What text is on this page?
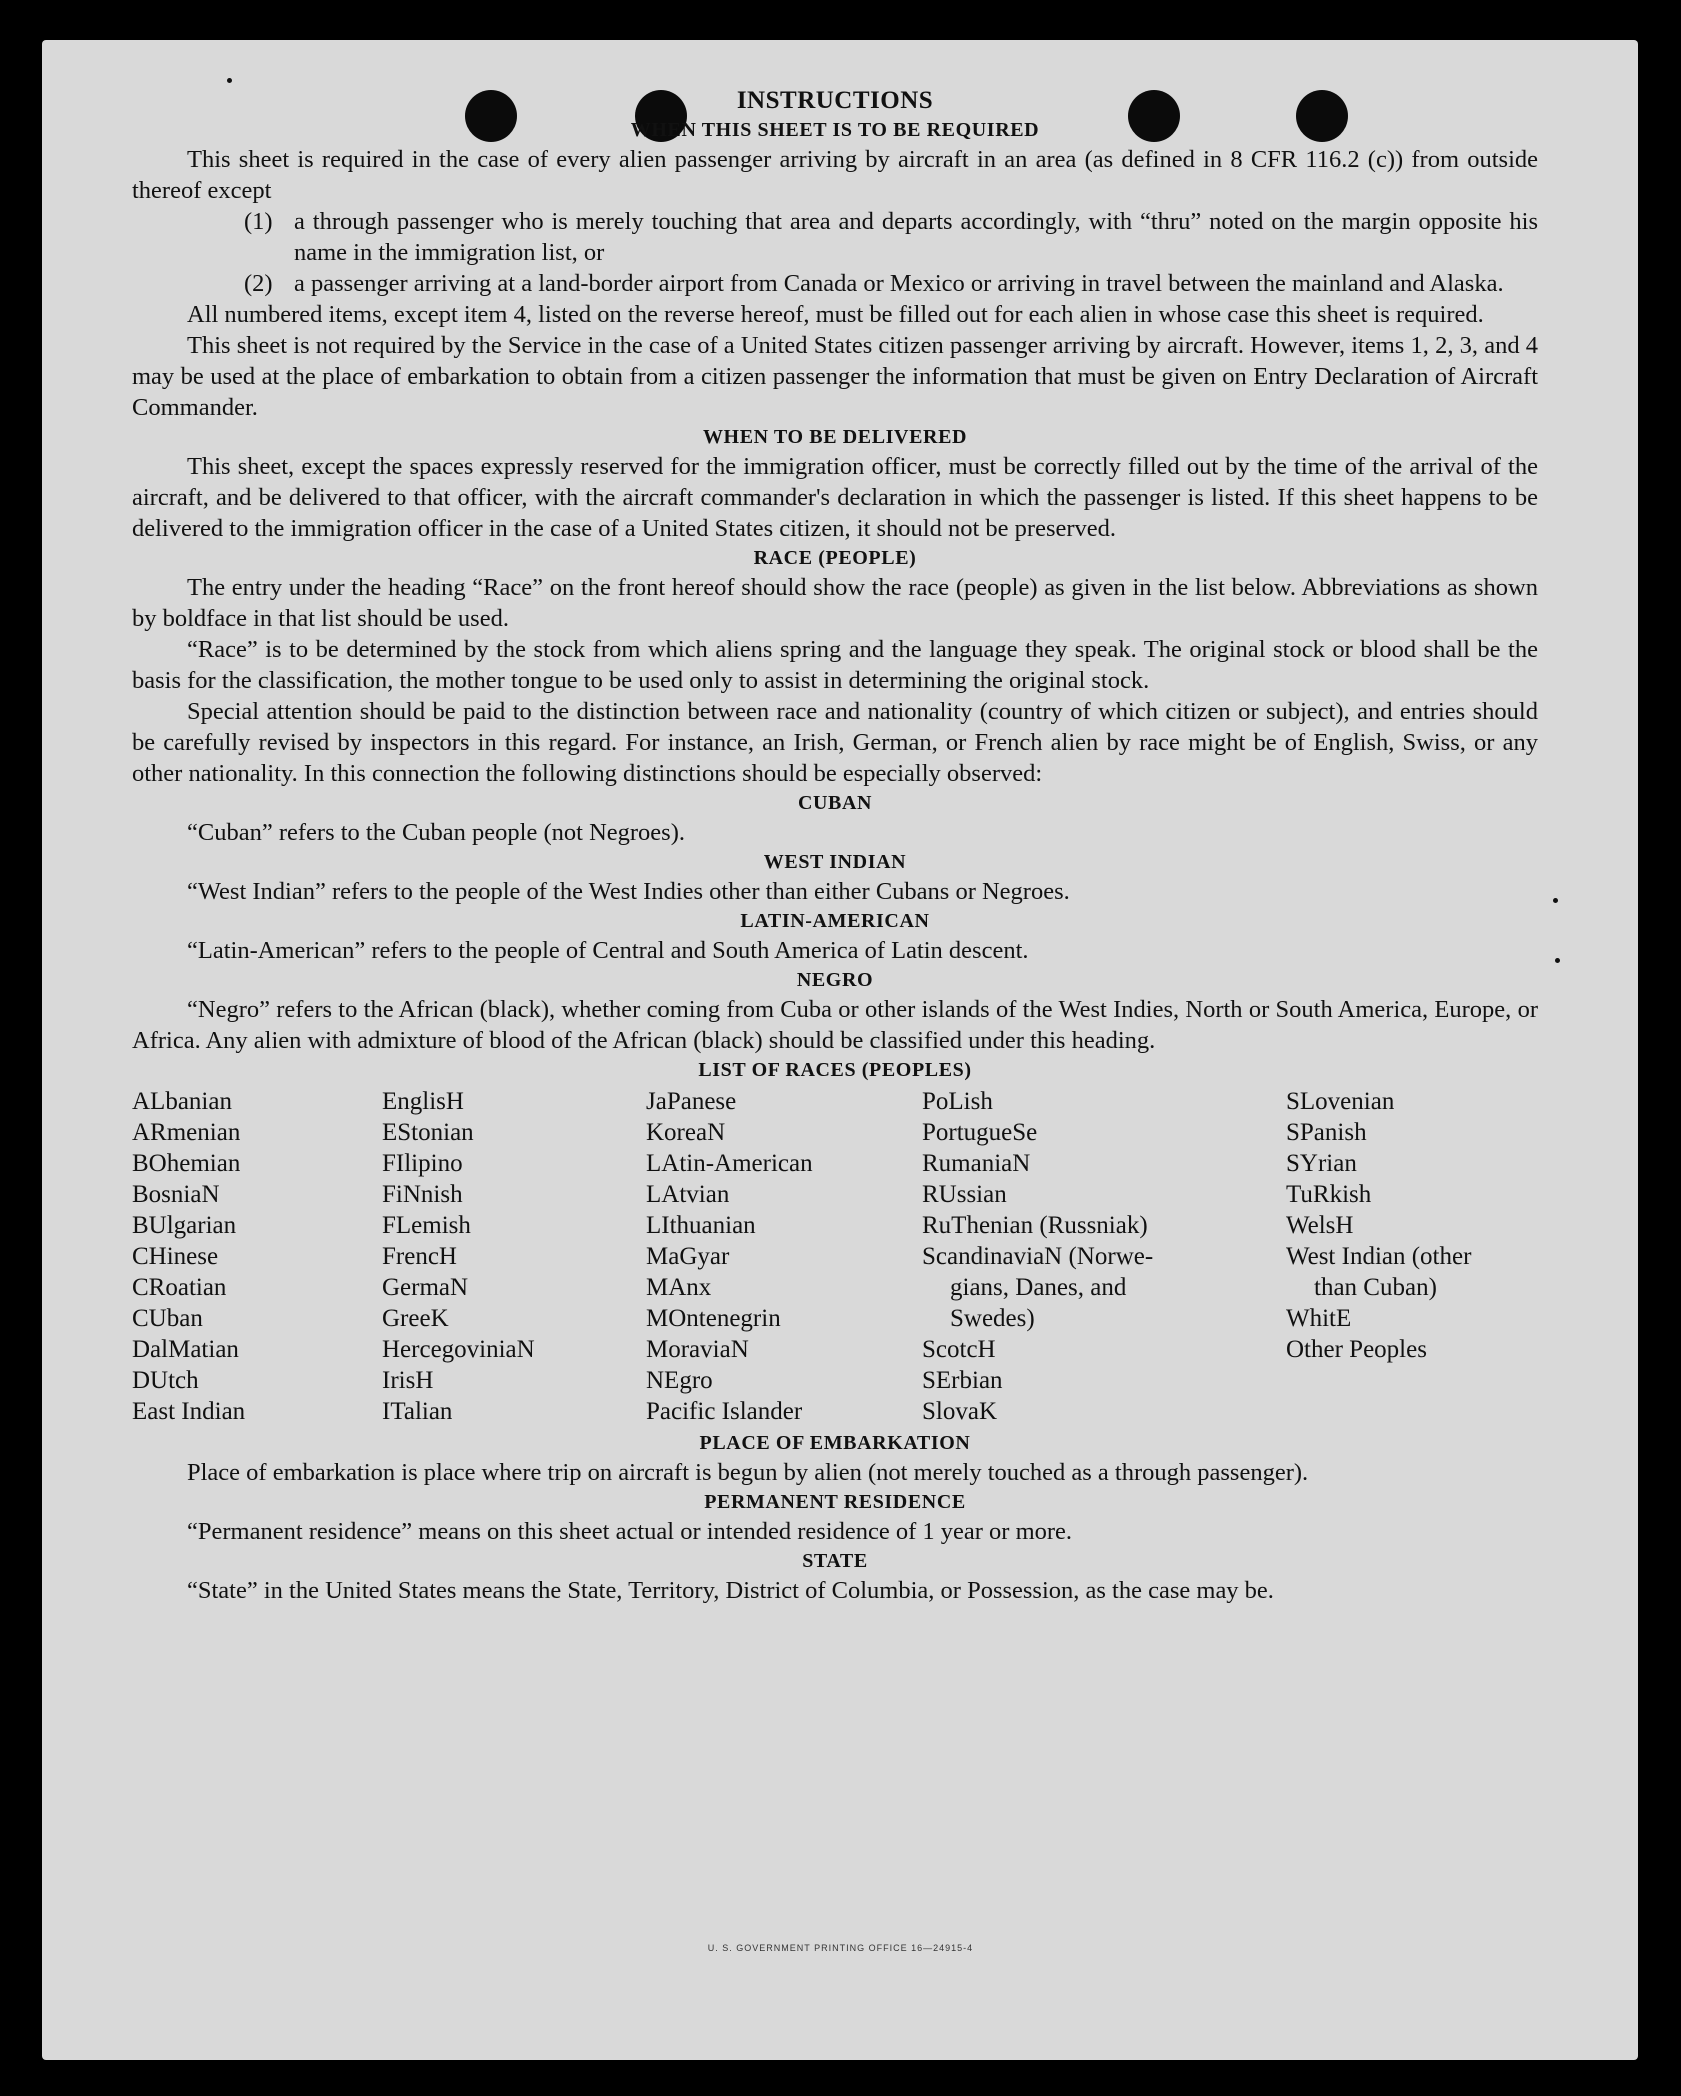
INSTRUCTIONS

WHEN THIS SHEET IS TO BE REQUIRED

This sheet is required in the case of every alien passenger arriving by aircraft in an area (as defined in 8 CFR 116.2 (c)) from outside thereof except

(1) a through passenger who is merely touching that area and departs accordingly, with “thru” noted on the margin opposite his name in the immigration list, or
(2) a passenger arriving at a land-border airport from Canada or Mexico or arriving in travel between the mainland and Alaska.

All numbered items, except item 4, listed on the reverse hereof, must be filled out for each alien in whose case this sheet is required.

This sheet is not required by the Service in the case of a United States citizen passenger arriving by aircraft. However, items 1, 2, 3, and 4 may be used at the place of embarkation to obtain from a citizen passenger the information that must be given on Entry Declaration of Aircraft Commander.

WHEN TO BE DELIVERED

This sheet, except the spaces expressly reserved for the immigration officer, must be correctly filled out by the time of the arrival of the aircraft, and be delivered to that officer, with the aircraft commander's declaration in which the passenger is listed. If this sheet happens to be delivered to the immigration officer in the case of a United States citizen, it should not be preserved.

RACE (PEOPLE)

The entry under the heading “Race” on the front hereof should show the race (people) as given in the list below. Abbreviations as shown by boldface in that list should be used.

“Race” is to be determined by the stock from which aliens spring and the language they speak. The original stock or blood shall be the basis for the classification, the mother tongue to be used only to assist in determining the original stock.

Special attention should be paid to the distinction between race and nationality (country of which citizen or subject), and entries should be carefully revised by inspectors in this regard. For instance, an Irish, German, or French alien by race might be of English, Swiss, or any other nationality. In this connection the following distinctions should be especially observed:

CUBAN

“Cuban” refers to the Cuban people (not Negroes).

WEST INDIAN

“West Indian” refers to the people of the West Indies other than either Cubans or Negroes.

LATIN-AMERICAN

“Latin-American” refers to the people of Central and South America of Latin descent.

NEGRO

“Negro” refers to the African (black), whether coming from Cuba or other islands of the West Indies, North or South America, Europe, or Africa. Any alien with admixture of blood of the African (black) should be classified under this heading.

LIST OF RACES (PEOPLES)

ALbanian
ARmenian
BOhemian
BosniaN
BUlgarian
CHinese
CRoatian
CUban
DalMatian
DUtch
East Indian
EnglisH
EStonian
FIlipino
FiNnish
FLemish
FrencH
GermaN
GreeK
HercegoviniaN
IrisH
ITalian
JaPanese
KoreaN
LAtin-American
LAtvian
LIthuanian
MaGyar
MAnx
MOntenegrin
MoraviaN
NEgro
Pacific Islander
PoLish
PortugueSe
RumaniaN
RUssian
RuThenian (Russniak)
ScandinaviaN (Norwe-
gians, Danes, and
Swedes)
ScotcH
SErbian
SlovaK
SLovenian
SPanish
SYrian
TuRkish
WelsH
West Indian (other
than Cuban)
WhitE
Other Peoples

PLACE OF EMBARKATION

Place of embarkation is place where trip on aircraft is begun by alien (not merely touched as a through passenger).

PERMANENT RESIDENCE

“Permanent residence” means on this sheet actual or intended residence of 1 year or more.

STATE

“State” in the United States means the State, Territory, District of Columbia, or Possession, as the case may be.

U. S. GOVERNMENT PRINTING OFFICE 16—24915-4
